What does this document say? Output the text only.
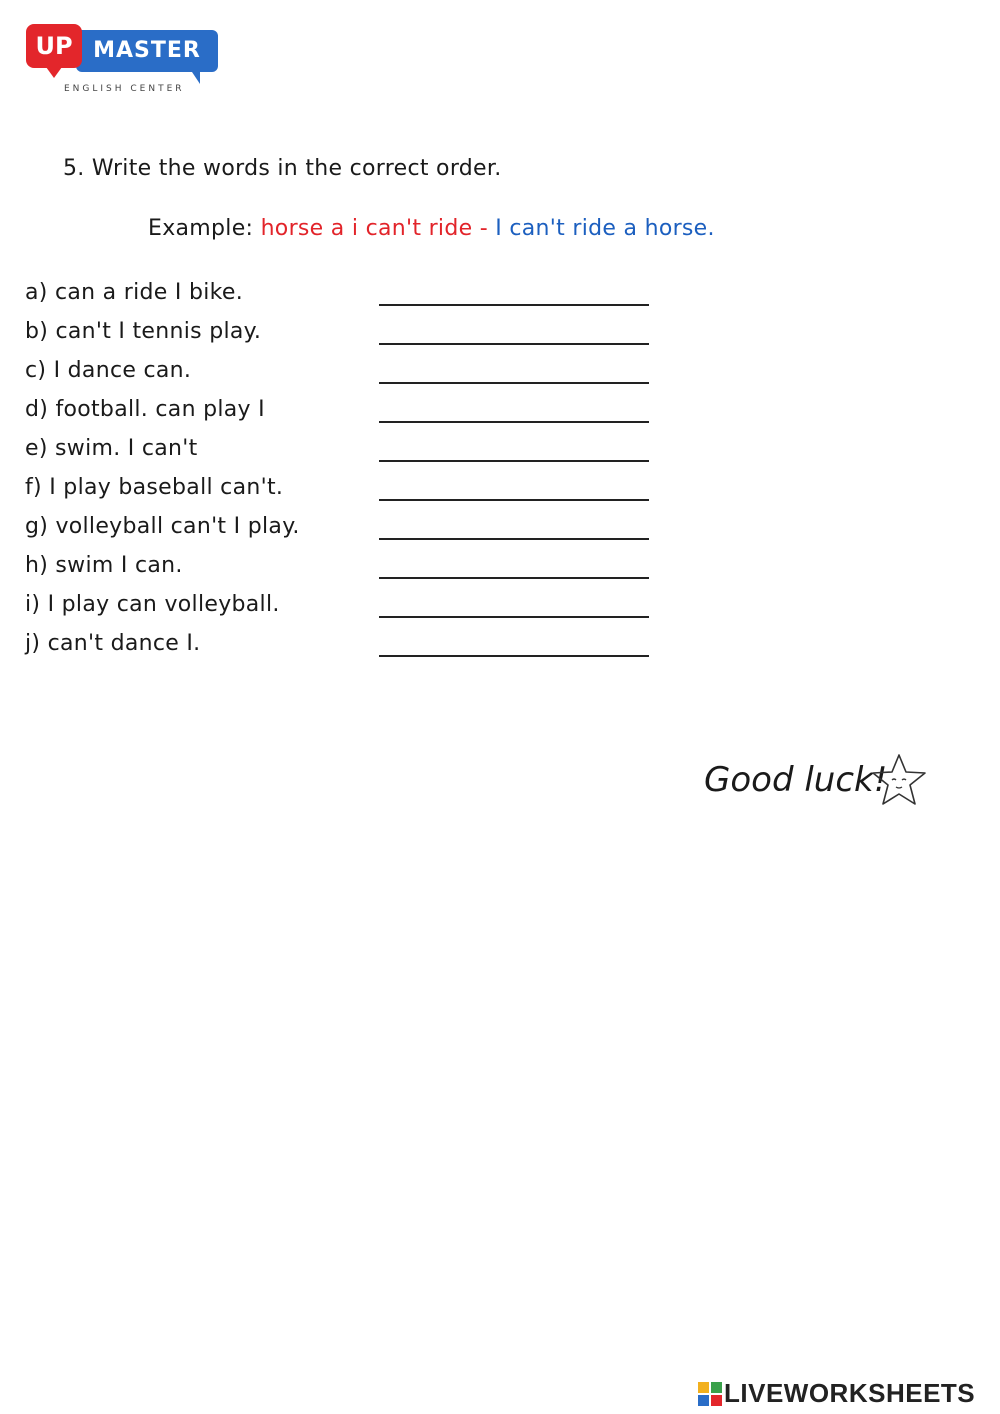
MASTER
UP
ENGLISH CENTER
5. Write the words in the correct order.
Example: horse a i can't ride - I can't ride a horse.
a) can a ride I bike.
b) can't I tennis play.
c) I dance can.
d) football. can play I
e) swim. I can't
f) I play baseball can't.
g) volleyball can't I play.
h) swim I can.
i) I play can volleyball.
j) can't dance I.
Good luck!
LIVEWORKSHEETS
